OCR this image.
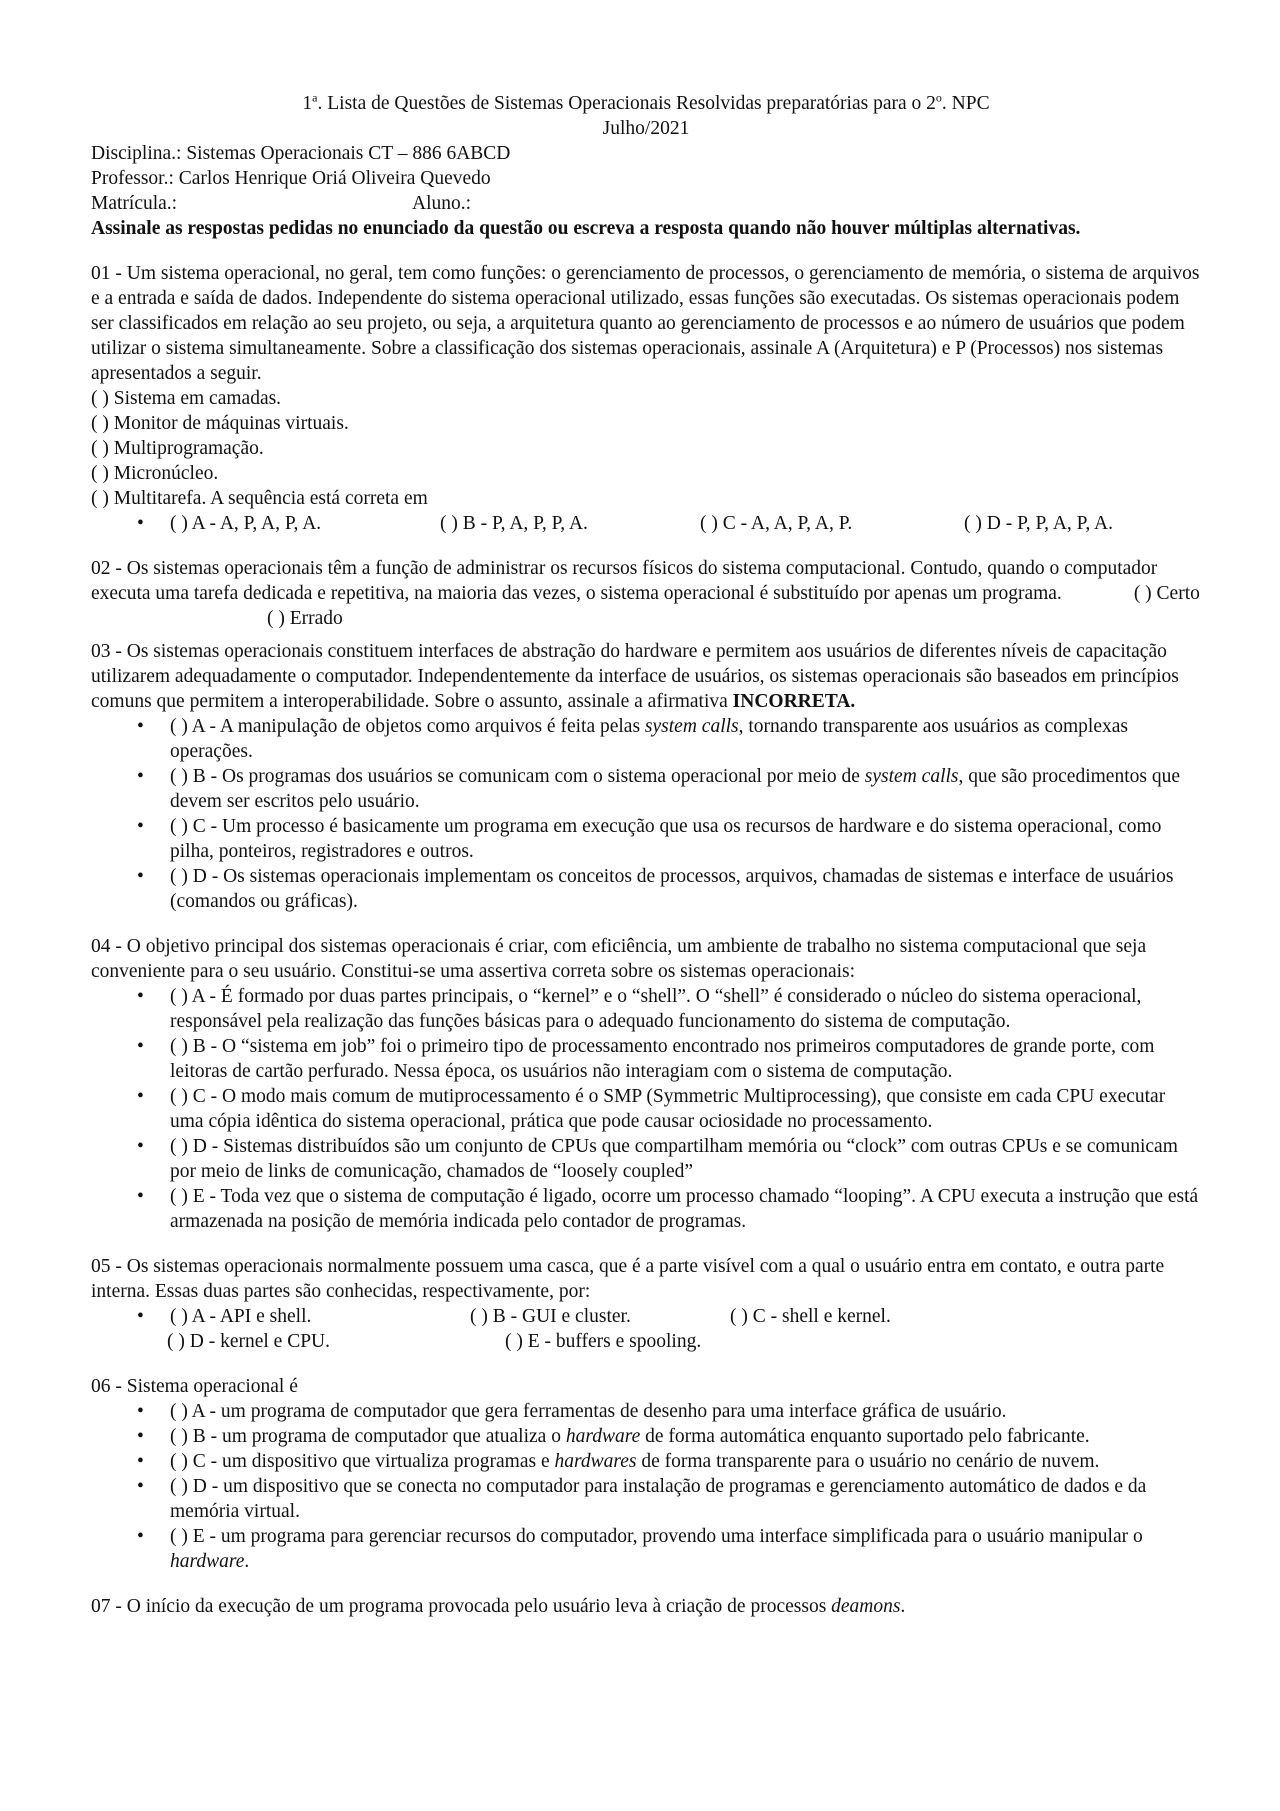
1$^a$. Lista de Questões de Sistemas Operacionais Resolvidas preparatórias para o 2$^o$. NPC

Julho/2021

Disciplina.: Sistemas Operacionais CT – 886 6ABCD

Professor.: Carlos Henrique Oriá Oliveira Quevedo

Matrícula.:	Aluno.:

Assinale as respostas pedidas no enunciado da questão ou escreva a resposta quando não houver múltiplas alternativas.

01 - Um sistema operacional, no geral, tem como funções: o gerenciamento de processos, o gerenciamento de memória, o sistema de arquivos e a entrada e saída de dados. Independente do sistema operacional utilizado, essas funções são executadas. Os sistemas operacionais podem ser classificados em relação ao seu projeto, ou seja, a arquitetura quanto ao gerenciamento de processos e ao número de usuários que podem utilizar o sistema simultaneamente. Sobre a classificação dos sistemas operacionais, assinale A (Arquitetura) e P (Processos) nos sistemas apresentados a seguir.

( ) Sistema em camadas.

( ) Monitor de máquinas virtuais.

( ) Multiprogramação.

( ) Micronúcleo.

( ) Multitarefa. A sequência está correta em

• ( ) A - A, P, A, P, A.	( ) B - P, A, P, P, A.	( ) C - A, A, P, A, P.	( ) D - P, P, A, P, A.

02 - Os sistemas operacionais têm a função de administrar os recursos físicos do sistema computacional. Contudo, quando o computador executa uma tarefa dedicada e repetitiva, na maioria das vezes, o sistema operacional é substituído por apenas um programa.	( ) Certo( ) Errado

03 - Os sistemas operacionais constituem interfaces de abstração do hardware e permitem aos usuários de diferentes níveis de capacitação utilizarem adequadamente o computador. Independentemente da interface de usuários, os sistemas operacionais são baseados em princípios comuns que permitem a interoperabilidade. Sobre o assunto, assinale a afirmativa INCORRETA.

• ( ) A - A manipulação de objetos como arquivos é feita pelas system calls, tornando transparente aos usuários as complexas operações.
• ( ) B - Os programas dos usuários se comunicam com o sistema operacional por meio de system calls, que são procedimentos que devem ser escritos pelo usuário.
• ( ) C - Um processo é basicamente um programa em execução que usa os recursos de hardware e do sistema operacional, como pilha, ponteiros, registradores e outros.
• ( ) D - Os sistemas operacionais implementam os conceitos de processos, arquivos, chamadas de sistemas e interface de usuários (comandos ou gráficas).

04 - O objetivo principal dos sistemas operacionais é criar, com eficiência, um ambiente de trabalho no sistema computacional que seja conveniente para o seu usuário. Constitui-se uma assertiva correta sobre os sistemas operacionais:

• ( ) A - É formado por duas partes principais, o “kernel” e o “shell”. O “shell” é considerado o núcleo do sistema operacional, responsável pela realização das funções básicas para o adequado funcionamento do sistema de computação.
• ( ) B - O “sistema em job” foi o primeiro tipo de processamento encontrado nos primeiros computadores de grande porte, com leitoras de cartão perfurado. Nessa época, os usuários não interagiam com o sistema de computação.
• ( ) C - O modo mais comum de mutiprocessamento é o SMP (Symmetric Multiprocessing), que consiste em cada CPU executar uma cópia idêntica do sistema operacional, prática que pode causar ociosidade no processamento.
• ( ) D - Sistemas distribuídos são um conjunto de CPUs que compartilham memória ou “clock” com outras CPUs e se comunicam por meio de links de comunicação, chamados de “loosely coupled”
• ( ) E - Toda vez que o sistema de computação é ligado, ocorre um processo chamado “looping”. A CPU executa a instrução que está armazenada na posição de memória indicada pelo contador de programas.

05 - Os sistemas operacionais normalmente possuem uma casca, que é a parte visível com a qual o usuário entra em contato, e outra parte interna. Essas duas partes são conhecidas, respectivamente, por:

• ( ) A - API e shell.	( ) B - GUI e cluster.	( ) C - shell e kernel.

( ) D - kernel e CPU.	( ) E - buffers e spooling.

06 - Sistema operacional é

• ( ) A - um programa de computador que gera ferramentas de desenho para uma interface gráfica de usuário.
• ( ) B - um programa de computador que atualiza o hardware de forma automática enquanto suportado pelo fabricante.
• ( ) C - um dispositivo que virtualiza programas e hardwares de forma transparente para o usuário no cenário de nuvem.
• ( ) D - um dispositivo que se conecta no computador para instalação de programas e gerenciamento automático de dados e da memória virtual.
• ( ) E - um programa para gerenciar recursos do computador, provendo uma interface simplificada para o usuário manipular o hardware.

07 - O início da execução de um programa provocada pelo usuário leva à criação de processos deamons.
